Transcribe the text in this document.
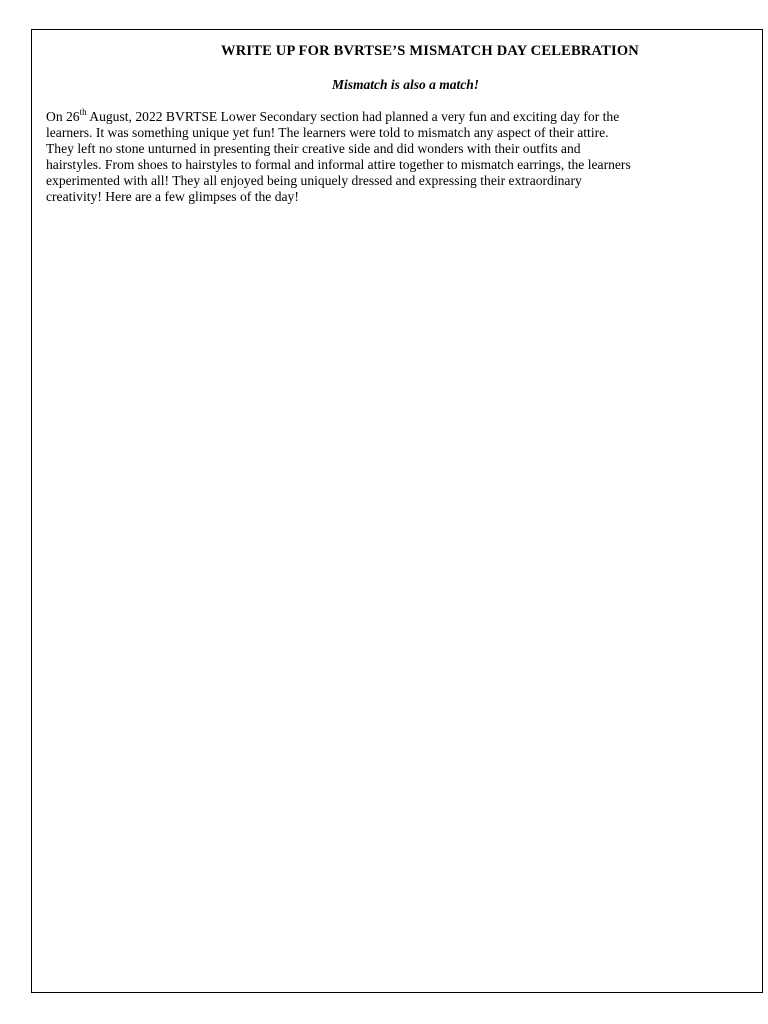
WRITE UP FOR BVRTSE’S MISMATCH DAY CELEBRATION
Mismatch is also a match!
On 26th August, 2022 BVRTSE Lower Secondary section had planned a very fun and exciting day for the
learners. It was something unique yet fun! The learners were told to mismatch any aspect of their attire.
They left no stone unturned in presenting their creative side and did wonders with their outfits and
hairstyles. From shoes to hairstyles to formal and informal attire together to mismatch earrings, the learners
experimented with all! They all enjoyed being uniquely dressed and expressing their extraordinary
creativity! Here are a few glimpses of the day!
